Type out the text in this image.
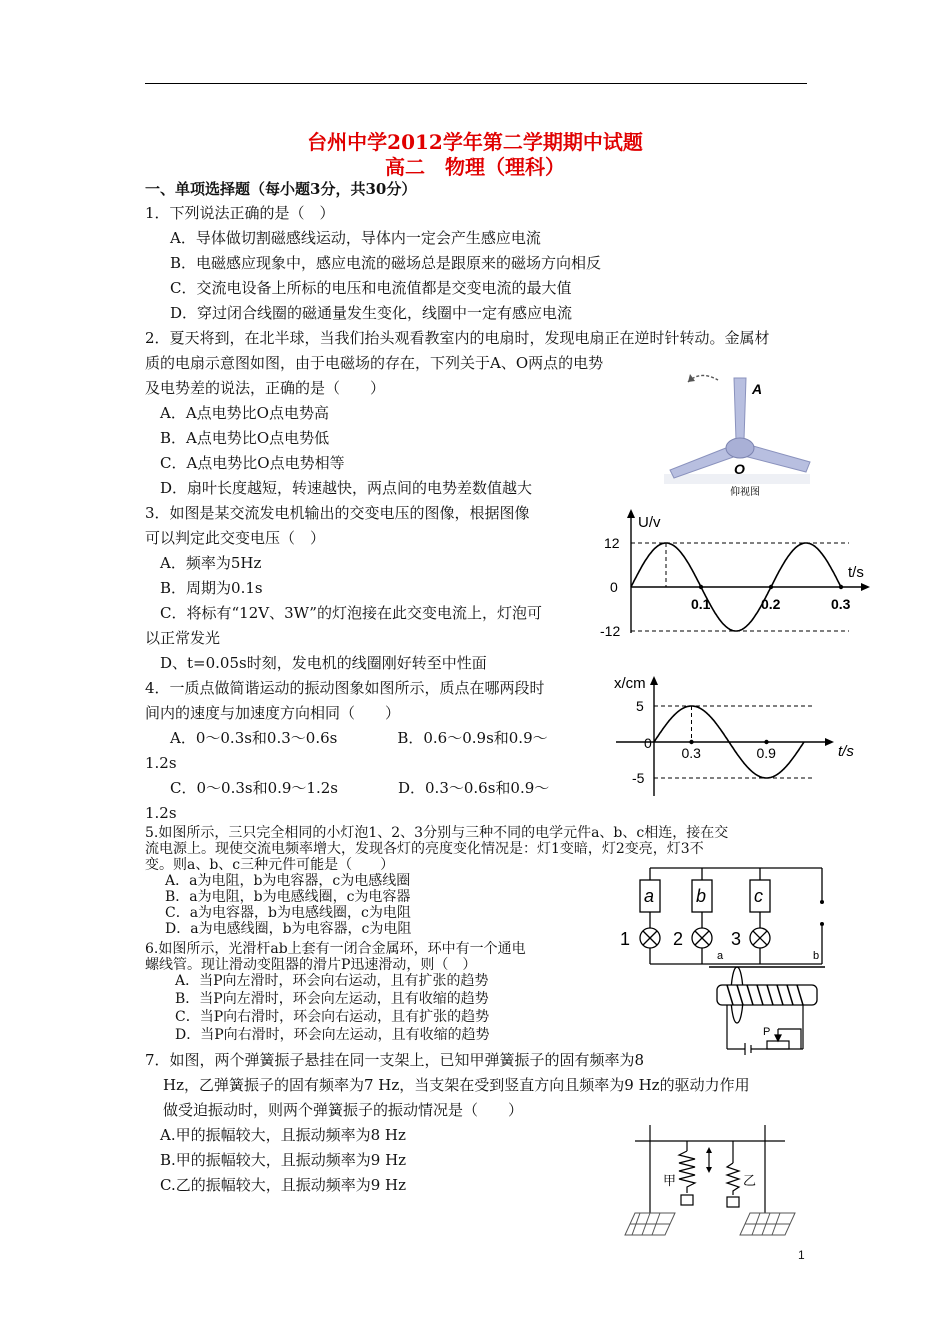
台州中学2012学年第二学期期中试题
高二　物理（理科）
一、单项选择题（每小题3分，共30分）
1．下列说法正确的是（　）
A．导体做切割磁感线运动，导体内一定会产生感应电流
B．电磁感应现象中，感应电流的磁场总是跟原来的磁场方向相反
C．交流电设备上所标的电压和电流值都是交变电流的最大值
D．穿过闭合线圈的磁通量发生变化，线圈中一定有感应电流
2．夏天将到，在北半球，当我们抬头观看教室内的电扇时，发现电扇正在逆时针转动。金属材
质的电扇示意图如图，由于电磁场的存在，下列关于A、O两点的电势
及电势差的说法，正确的是（　　）
A．A点电势比O点电势高
B．A点电势比O点电势低
C．A点电势比O点电势相等
D．扇叶长度越短，转速越快，两点间的电势差数值越大
A
O
仰视图
3．如图是某交流发电机输出的交变电压的图像，根据图像
可以判定此交变电压（　）
A．频率为5Hz
B．周期为0.1s
C．将标有“12V、3W”的灯泡接在此交变电流上，灯泡可
以正常发光
D、t=0.05s时刻，发电机的线圈刚好转至中性面
U/v
t/s
12
0
-12
0.1	0.2	0.3
4．一质点做简谐运动的振动图象如图所示，质点在哪两段时
间内的速度与加速度方向相同（　　）
A．0～0.3s和0.3～0.6s　　　　B．0.6～0.9s和0.9～
1.2s
C．0～0.3s和0.9～1.2s　　　　D．0.3～0.6s和0.9～
1.2s
x/cm
t/s
5
0
-5
0.3	0.9
5.如图所示，三只完全相同的小灯泡1、2、3分别与三种不同的电学元件a、b、c相连，接在交
流电源上。现使交流电频率增大，发现各灯的亮度变化情况是：灯1变暗，灯2变亮，灯3不
变。则a、b、c三种元件可能是（　　）
A．a为电阻，b为电容器，c为电感线圈
B．a为电阻，b为电感线圈，c为电容器
C．a为电容器，b为电感线圈，c为电阻
D．a为电感线圈，b为电容器，c为电阻
a b	c
1 2	3
6.如图所示，光滑杆ab上套有一闭合金属环，环中有一个通电
螺线管。现让滑动变阻器的滑片P迅速滑动，则（　）
A．当P向左滑时，环会向右运动，且有扩张的趋势
B．当P向左滑时，环会向左运动，且有收缩的趋势
C．当P向右滑时，环会向右运动，且有扩张的趋势
D．当P向右滑时，环会向左运动，且有收缩的趋势
a	b
P
7．如图，两个弹簧振子悬挂在同一支架上，已知甲弹簧振子的固有频率为8
Hz，乙弹簧振子的固有频率为7 Hz，当支架在受到竖直方向且频率为9 Hz的驱动力作用
做受迫振动时，则两个弹簧振子的振动情况是（　　）
A.甲的振幅较大，且振动频率为8 Hz
B.甲的振幅较大，且振动频率为9 Hz
C.乙的振幅较大，且振动频率为9 Hz	甲	乙
1
